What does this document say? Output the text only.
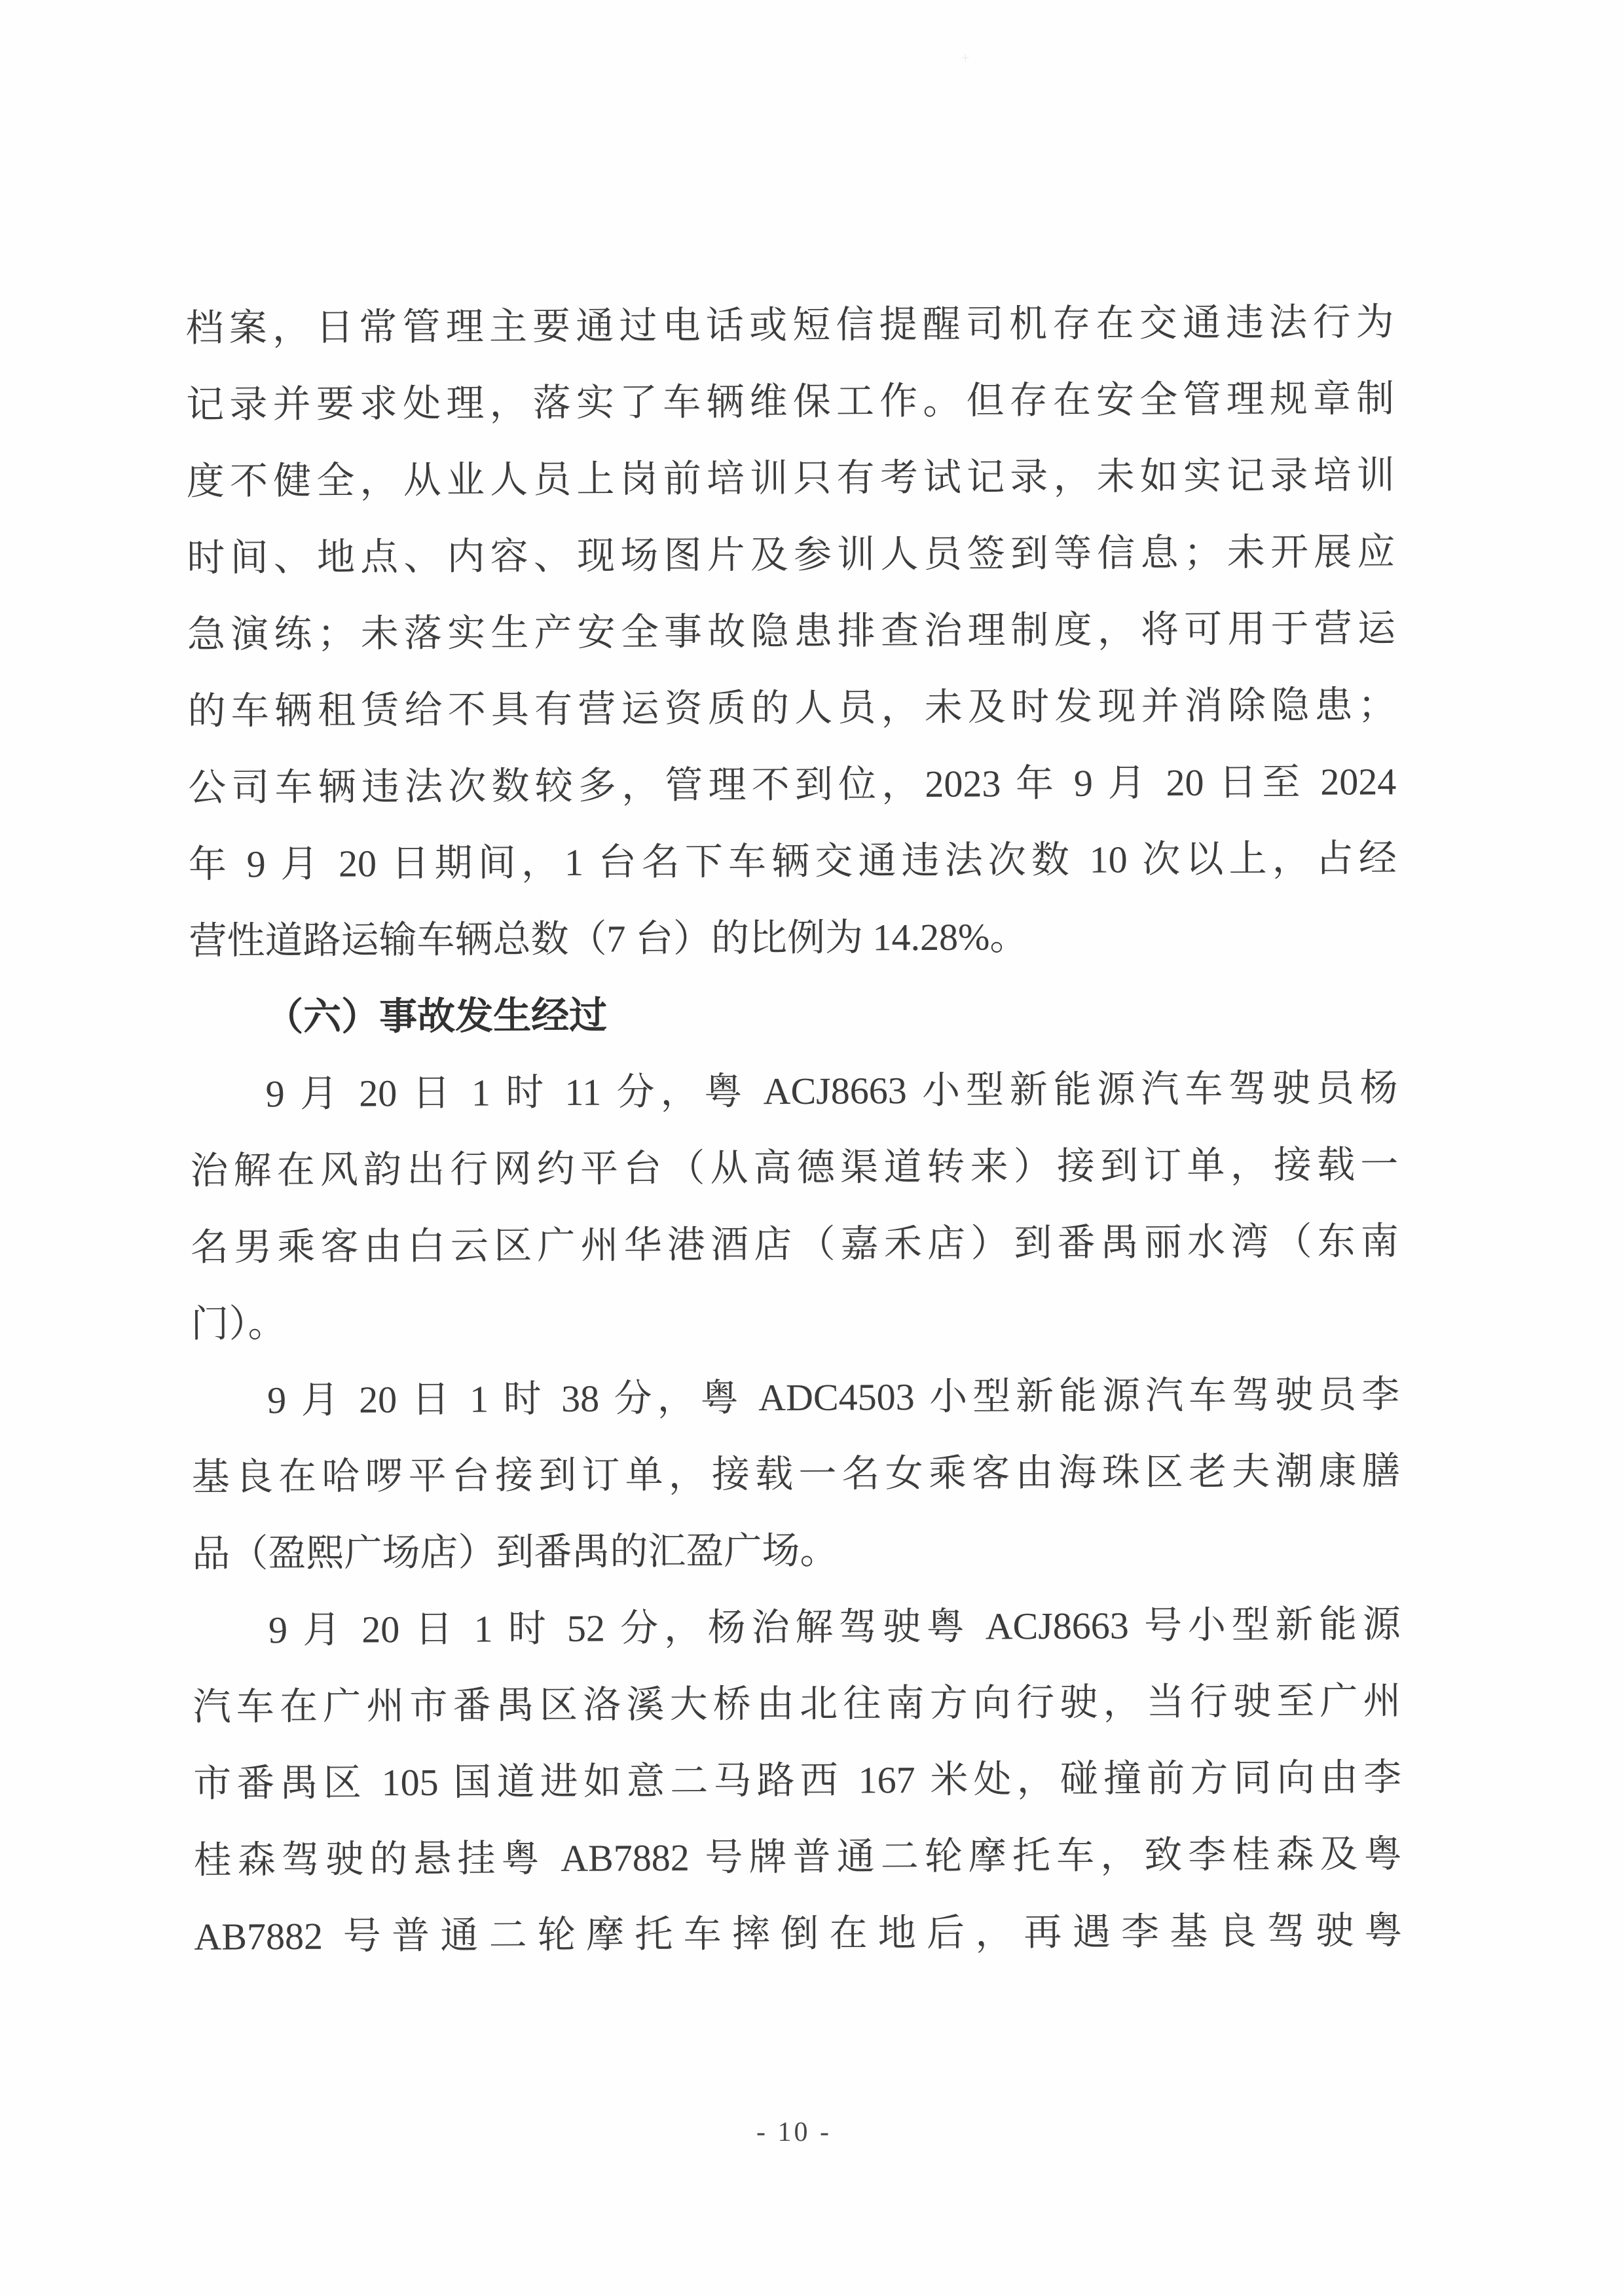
+
档案，日常管理主要通过电话或短信提醒司机存在交通违法行为
记录并要求处理，落实了车辆维保工作。但存在安全管理规章制
度不健全，从业人员上岗前培训只有考试记录，未如实记录培训
时间、地点、内容、现场图片及参训人员签到等信息；未开展应
急演练；未落实生产安全事故隐患排查治理制度，将可用于营运
的车辆租赁给不具有营运资质的人员，未及时发现并消除隐患；
公司车辆违法次数较多，管理不到位，2023 年 9 月 20 日至 2024
年 9 月 20 日期间，1 台名下车辆交通违法次数 10 次以上，占经
营性道路运输车辆总数（7 台）的比例为 14.28%。
（六）事故发生经过
9 月 20 日 1 时 11 分，粤 ACJ8663 小型新能源汽车驾驶员杨
治解在风韵出行网约平台（从高德渠道转来）接到订单，接载一
名男乘客由白云区广州华港酒店（嘉禾店）到番禺丽水湾（东南
门）。
9 月 20 日 1 时 38 分，粤 ADC4503 小型新能源汽车驾驶员李
基良在哈啰平台接到订单，接载一名女乘客由海珠区老夫潮康膳
品（盈熙广场店）到番禺的汇盈广场。
9 月 20 日 1 时 52 分，杨治解驾驶粤 ACJ8663 号小型新能源
汽车在广州市番禺区洛溪大桥由北往南方向行驶，当行驶至广州
市番禺区 105 国道进如意二马路西 167 米处，碰撞前方同向由李
桂森驾驶的悬挂粤 AB7882 号牌普通二轮摩托车，致李桂森及粤
AB7882 号普通二轮摩托车摔倒在地后，再遇李基良驾驶粤
- 10 -
